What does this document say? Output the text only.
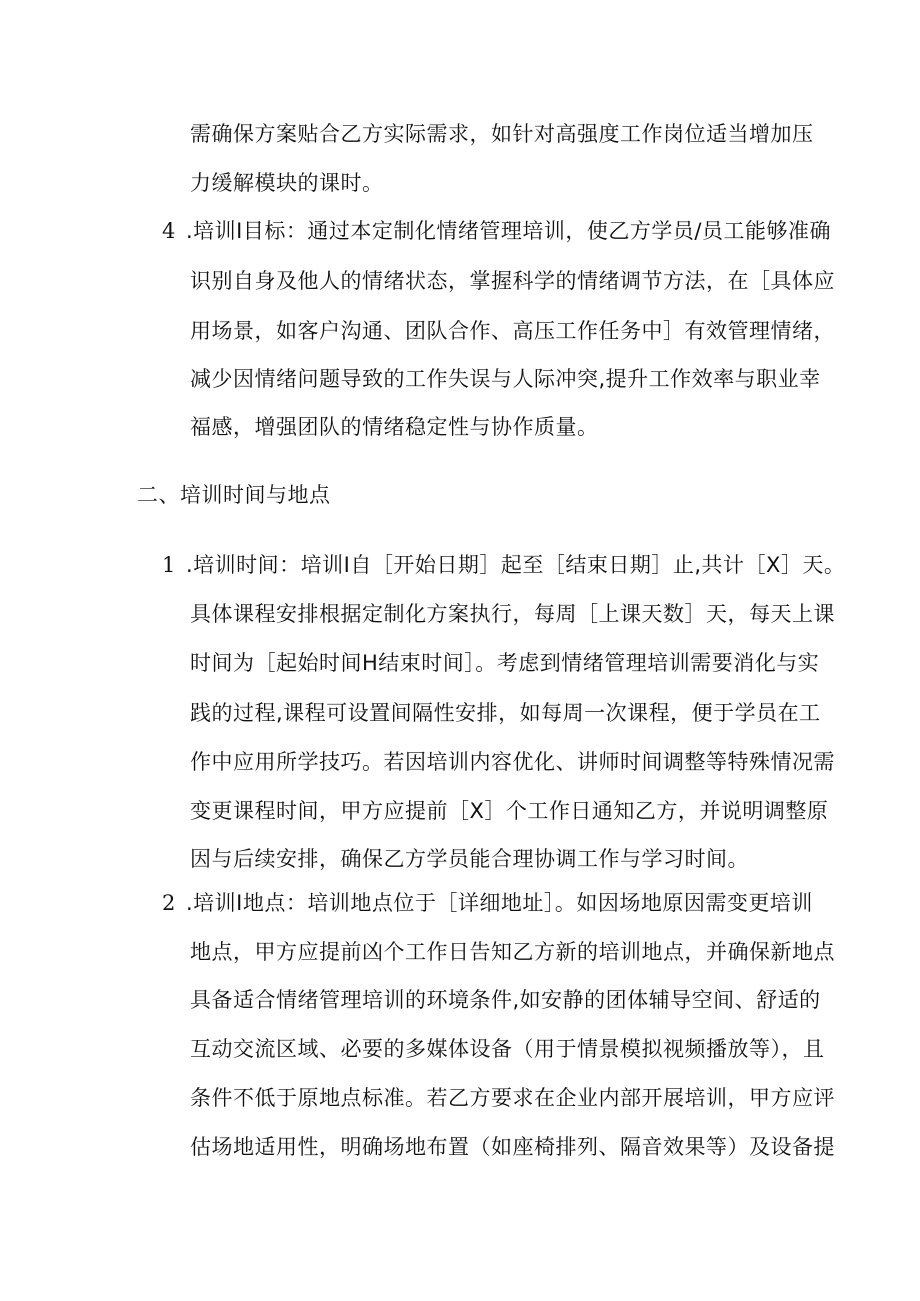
需确保方案贴合乙方实际需求，如针对高强度工作岗位适当增加压
力缓解模块的课时。
4 .培训I目标：通过本定制化情绪管理培训，使乙方学员/员工能够准确
识别自身及他人的情绪状态，掌握科学的情绪调节方法，在［具体应
用场景，如客户沟通、团队合作、高压工作任务中］有效管理情绪，
减少因情绪问题导致的工作失误与人际冲突,提升工作效率与职业幸
福感，增强团队的情绪稳定性与协作质量。
二、培训时间与地点
1 .培训时间：培训I自［开始日期］起至［结束日期］止,共计［X］天。
具体课程安排根据定制化方案执行，每周［上课天数］天，每天上课
时间为［起始时间H结束时间］。考虑到情绪管理培训需要消化与实
践的过程,课程可设置间隔性安排，如每周一次课程，便于学员在工
作中应用所学技巧。若因培训内容优化、讲师时间调整等特殊情况需
变更课程时间，甲方应提前［X］个工作日通知乙方，并说明调整原
因与后续安排，确保乙方学员能合理协调工作与学习时间。
2 .培训I地点：培训地点位于［详细地址］。如因场地原因需变更培训
地点，甲方应提前凶个工作日告知乙方新的培训地点，并确保新地点
具备适合情绪管理培训的环境条件,如安静的团体辅导空间、舒适的
互动交流区域、必要的多媒体设备（用于情景模拟视频播放等），且
条件不低于原地点标准。若乙方要求在企业内部开展培训，甲方应评
估场地适用性，明确场地布置（如座椅排列、隔音效果等）及设备提
